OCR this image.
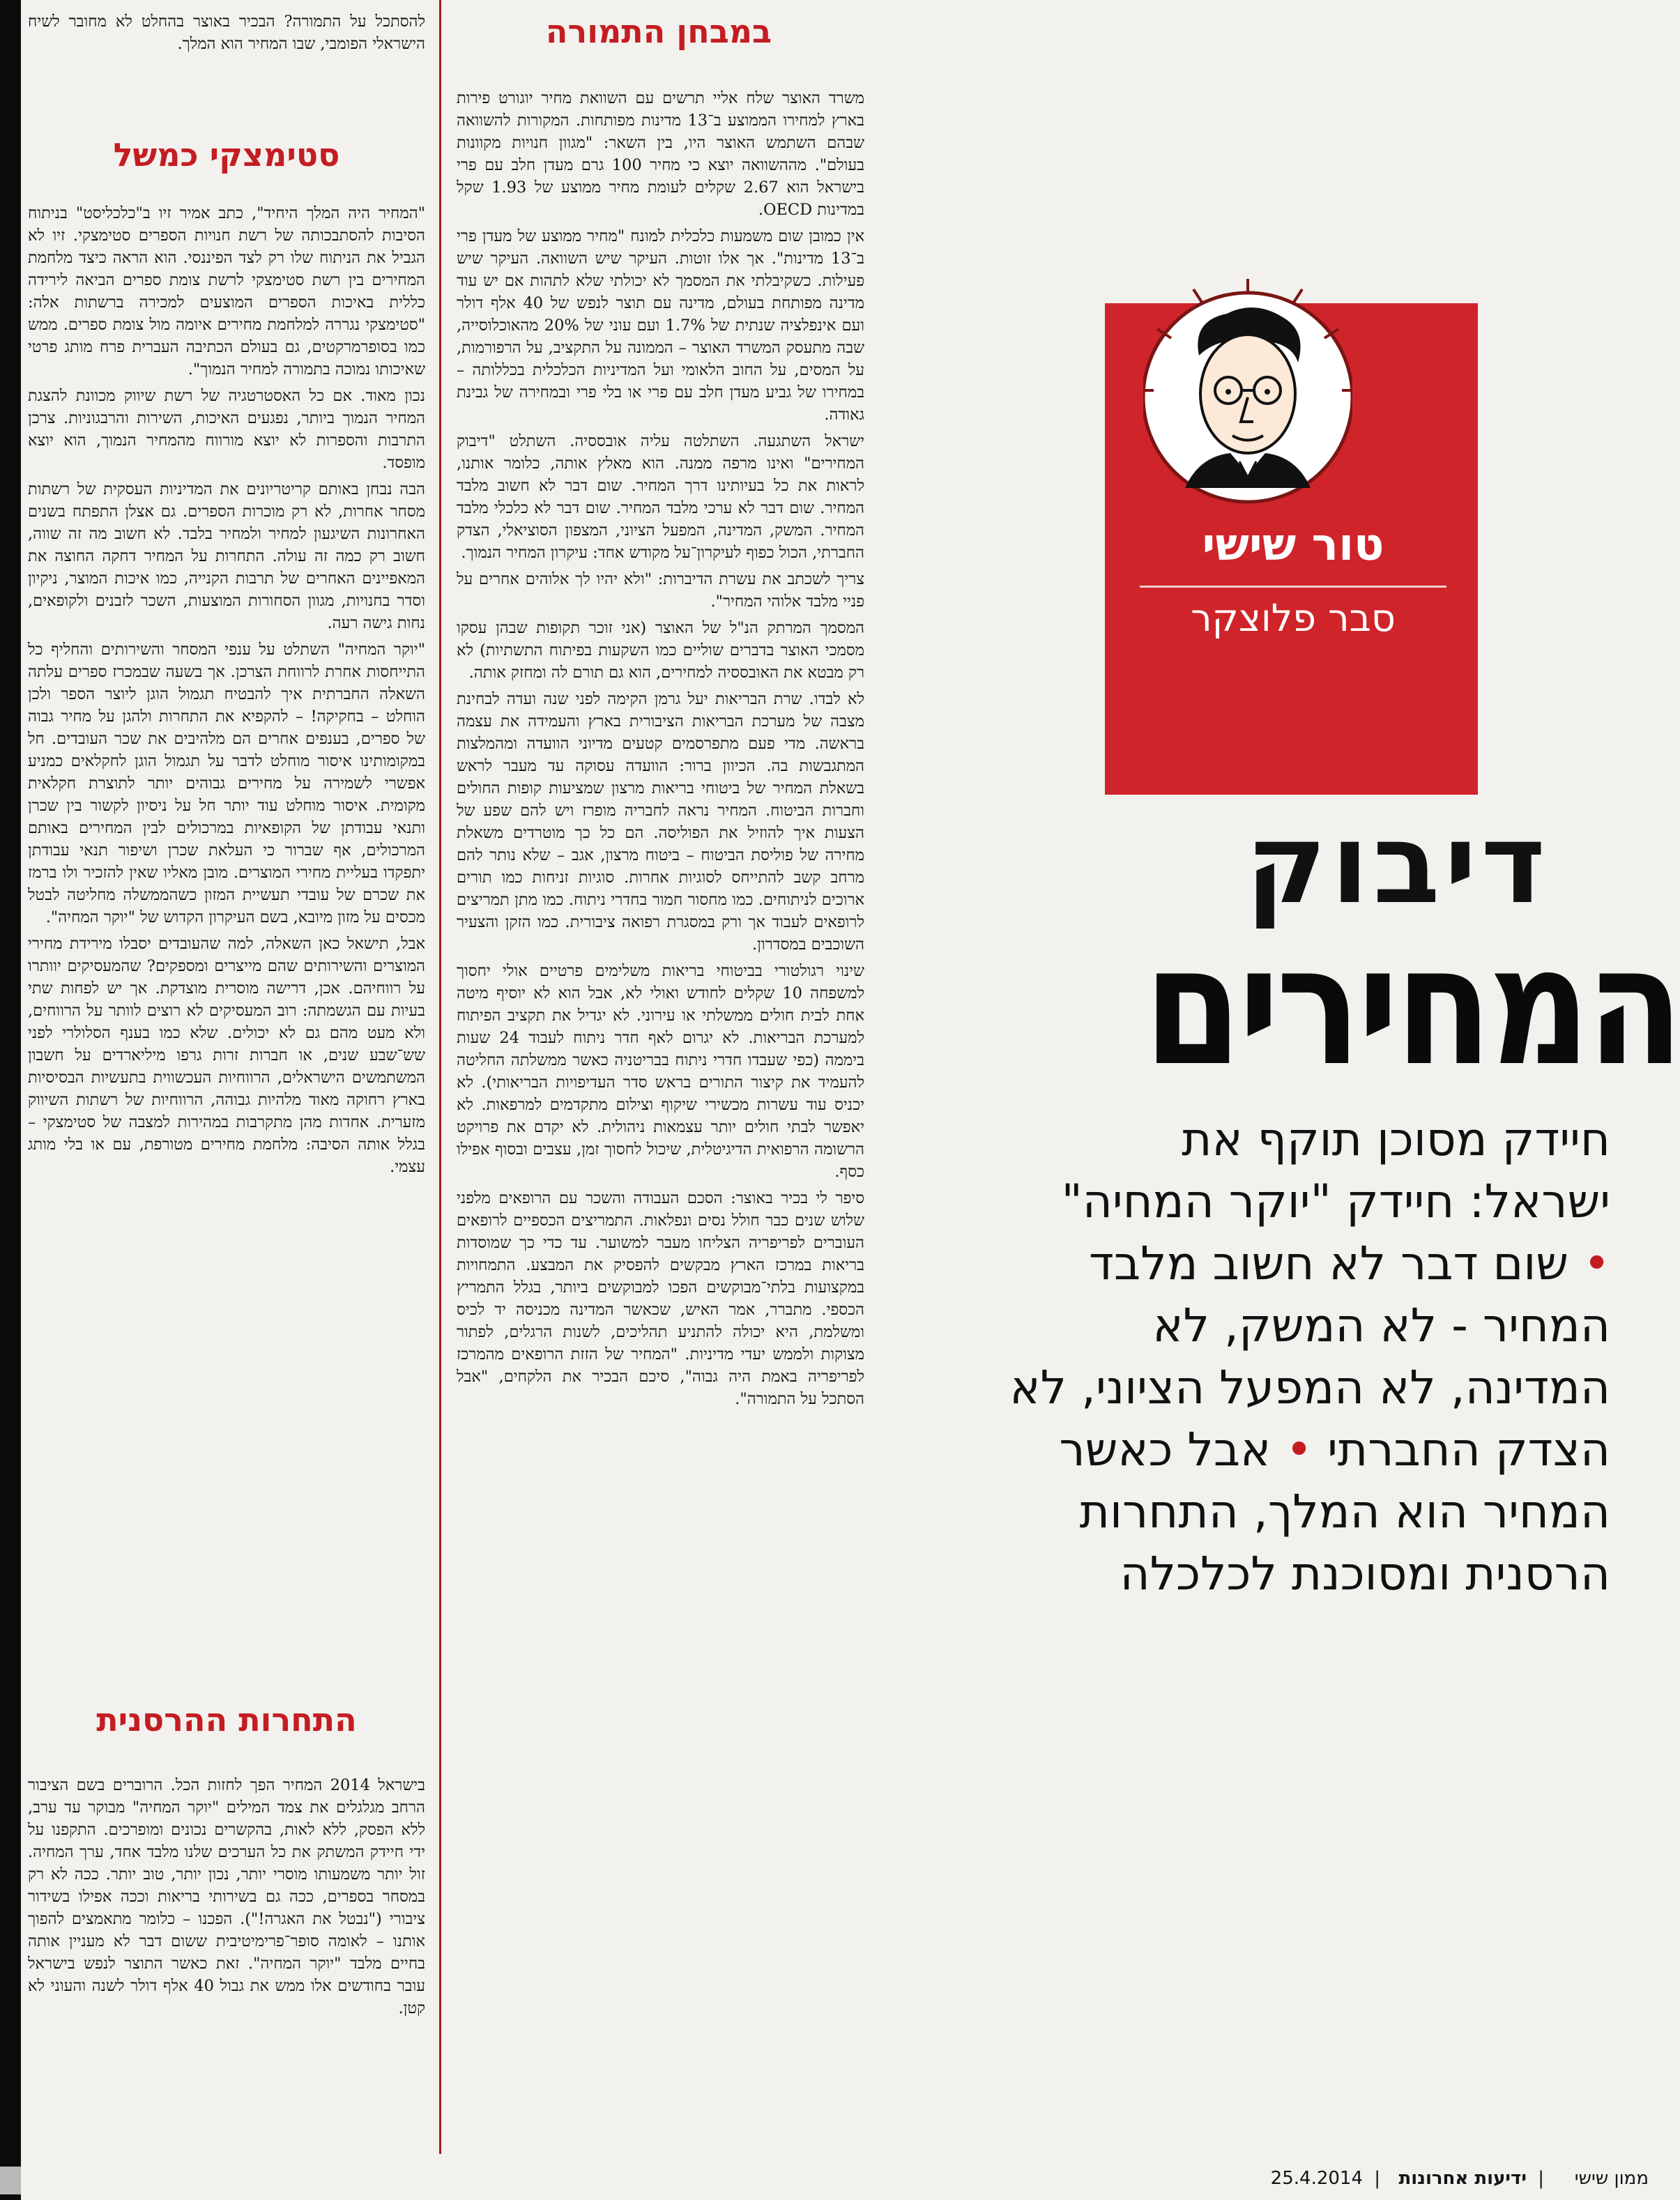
להסתכל על התמורה? הבכיר באוצר בהחלט לא מחובר לשיח הישראלי הפומבי, שבו המחיר הוא המלך.

סטימצקי כמשל

"המחיר היה המלך היחיד", כתב אמיר זיו ב"כלכליסט" בניתוח הסיבות להסתבכותה של רשת חנויות הספרים סטימצקי. זיו לא הגביל את הניתוח שלו רק לצד הפיננסי. הוא הראה כיצד מלחמת המחירים בין רשת סטימצקי לרשת צומת ספרים הביאה לירידה כללית באיכות הספרים המוצעים למכירה ברשתות אלה: "סטימצקי נגררה למלחמת מחירים איומה מול צומת ספרים. ממש כמו בסופרמרקטים, גם בעולם הכתיבה העברית פרח מותג פרטי שאיכותו נמוכה בתמורה למחיר הנמוך".

נכון מאוד. אם כל האסטרטגיה של רשת שיווק מכוונת להצגת המחיר הנמוך ביותר, נפגעים האיכות, השירות והרבגוניות. צרכן התרבות והספרות לא יוצא מורווח מהמחיר הנמוך, הוא יוצא מופסד.

הבה נבחן באותם קריטריונים את המדיניות העסקית של רשתות מסחר אחרות, לא רק מוכרות הספרים. גם אצלן התפתח בשנים האחרונות השיגעון למחיר ולמחיר בלבד. לא חשוב מה זה שווה, חשוב רק כמה זה עולה. התחרות על המחיר דחקה החוצה את המאפיינים האחרים של תרבות הקנייה, כמו איכות המוצר, ניקיון וסדר בחנויות, מגוון הסחורות המוצעות, השכר לזבנים ולקופאים, נחות גישה רעה.

"יוקר המחיה" השתלט על ענפי המסחר והשירותים והחליף כל התייחסות אחרת לרווחת הצרכן. אך בשעה שבמכרז ספרים עלתה השאלה החברתית איך להבטיח תגמול הוגן ליוצר הספר ולכן הוחלט – בחקיקה! – להקפיא את התחרות ולהגן על מחיר גבוה של ספרים, בענפים אחרים הם מלהיבים את שכר העובדים. חל במקומותינו איסור מוחלט לדבר על תגמול הוגן לחקלאים כמניע אפשרי לשמירה על מחירים גבוהים יותר לתוצרת חקלאית מקומית. איסור מוחלט עוד יותר חל על ניסיון לקשור בין שכרן ותנאי עבודתן של הקופאיות במרכולים לבין המחירים באותם המרכולים, אף שברור כי העלאת שכרן ושיפור תנאי עבודתן יתפקדו בעליית מחירי המוצרים. מובן מאליו שאין להזכיר ולו ברמז את שכרם של עובדי תעשיית המזון כשהממשלה מחליטה לבטל מכסים על מזון מיובא, בשם העיקרון הקדוש של "יוקר המחיה".

אבל, תישאל כאן השאלה, למה שהעובדים יסבלו מירידת מחירי המוצרים והשירותים שהם מייצרים ומספקים? שהמעסיקים יוותרו על רווחיהם. אכן, דרישה מוסרית מוצדקת. אך יש לפחות שתי בעיות עם הגשמתה: רוב המעסיקים לא רוצים לוותר על הרווחים, ולא מעט מהם גם לא יכולים. שלא כמו בענף הסלולרי לפני שש־שבע שנים, או חברות זרות גרפו מיליארדים על חשבון המשתמשים הישראלים, הרווחיות העכשווית בתעשיות הבסיסיות בארץ רחוקה מאוד מלהיות גבוהה, הרווחיות של רשתות השיווק מזערית. אחדות מהן מתקרבות במהירות למצבה של סטימצקי – בגלל אותה הסיבה: מלחמת מחירים מטורפת, עם או בלי מותג עצמי.

התחרות ההרסנית

בישראל 2014 המחיר הפך לחזות הכל. הרוברים בשם הציבור הרחב מגלגלים את צמד המילים "יוקר המחיה" מבוקר עד ערב, ללא הפסק, ללא לאות, בהקשרים נכונים ומופרכים. התקפנו על ידי חיידק המשתק את כל הערכים שלנו מלבד אחד, ערך המחיה. זול יותר משמעותו מוסרי יותר, נכון יותר, טוב יותר. ככה לא רק במסחר בספרים, ככה גם בשירותי בריאות וככה אפילו בשידור ציבורי ("נבטל את האגרה!"). הפכנו – כלומר מתאמצים להפוך אותנו – לאומה סופר־פרימיטיבית ששום דבר לא מעניין אותה בחיים מלבד "יוקר המחיה". זאת כאשר התוצר לנפש בישראל עובר בחודשים אלו ממש את גבול 40 אלף דולר לשנה והעוני לא קטן.

במבחן התמורה

משרד האוצר שלח אליי תרשים עם השוואת מחיר יוגורט פירות בארץ למחירו הממוצע ב־13 מדינות מפותחות. המקורות להשוואה שבהם השתמש האוצר היו, בין השאר: "מגוון חנויות מקוונות בעולם". מההשוואה יוצא כי מחיר 100 גרם מעדן חלב עם פרי בישראל הוא 2.67 שקלים לעומת מחיר ממוצע של 1.93 שקל במדינות OECD.

אין כמובן שום משמעות כלכלית למונח "מחיר ממוצע של מעדן פרי ב־13 מדינות". אך אלו זוטות. העיקר שיש השוואה. העיקר שיש פעילות. כשקיבלתי את המסמך לא יכולתי שלא לתהות אם יש עוד מדינה מפותחת בעולם, מדינה עם תוצר לנפש של 40 אלף דולר ועם אינפלציה שנתית של 1.7% ועם עוני של 20% מהאוכלוסייה, שבה מתעסק המשרד האוצר – הממונה על התקציב, על הרפורמות, על המסים, על החוב הלאומי ועל המדיניות הכלכלית בכללותה – במחירו של גביע מעדן חלב עם פרי או בלי פרי ובמחירה של גבינת גאודה.

ישראל השתגעה. השתלטה עליה אובססיה. השתלט "דיבוק המחירים" ואינו מרפה ממנה. הוא מאלץ אותה, כלומר אותנו, לראות את כל בעיותינו דרך המחיר. שום דבר לא חשוב מלבד המחיר. שום דבר לא ערכי מלבד המחיר. שום דבר לא כלכלי מלבד המחיר. המשק, המדינה, המפעל הציוני, המצפון הסוציאלי, הצדק החברתי, הכול כפוף לעיקרון־על מקודש אחד: עיקרון המחיר הנמוך.

צריך לשכתב את עשרת הדיברות: "ולא יהיו לך אלוהים אחרים על פניי מלבד אלוהי המחיר".

המסמך המרתק הנ"ל של האוצר (אני זוכר תקופות שבהן עסקו מסמכי האוצר בדברים שוליים כמו השקעות בפיתוח התשתיות) לא רק מבטא את האובססיה למחירים, הוא גם תורם לה ומחזק אותה.

לא לבדו. שרת הבריאות יעל גרמן הקימה לפני שנה ועדה לבחינת מצבה של מערכת הבריאות הציבורית בארץ והעמידה את עצמה בראשה. מדי פעם מתפרסמים קטעים מדיוני הוועדה ומהמלצות המתגבשות בה. הכיוון ברור: הוועדה עסוקה עד מעבר לראש בשאלת המחיר של ביטוחי בריאות מרצון שמציעות קופות החולים וחברות הביטוח. המחיר נראה לחבריה מופרז ויש להם שפע של הצעות איך להוזיל את הפוליסה. הם כל כך מוטרדים משאלת מחירה של פוליסת הביטוח – ביטוח מרצון, אגב – שלא נותר להם מרחב קשב להתייחס לסוגיות אחרות. סוגיות זניחות כמו תורים ארוכים לניתוחים. כמו מחסור חמור בחדרי ניתוח. כמו מתן תמריצים לרופאים לעבוד אך ורק במסגרת רפואה ציבורית. כמו הזקן והצעיר השוכבים במסדרון.

שינוי רגולטורי בביטוחי בריאות משלימים פרטיים אולי יחסוך למשפחה 10 שקלים לחודש ואולי לא, אבל הוא לא יוסיף מיטה אחת לבית חולים ממשלתי או עירוני. לא יגדיל את תקציב הפיתוח למערכת הבריאות. לא יגרום לאף חדר ניתוח לעבוד 24 שעות ביממה (כפי שעבדו חדרי ניתוח בבריטניה כאשר ממשלתה החליטה להעמיד את קיצור התורים בראש סדר העדיפויות הבריאותי). לא יכניס עוד עשרות מכשירי שיקוף וצילום מתקדמים למרפאות. לא יאפשר לבתי חולים יותר עצמאות ניהולית. לא יקדם את פרויקט הרשומה הרפואית הדיגיטלית, שיכול לחסוך זמן, עצבים ובסוף אפילו כסף.

סיפר לי בכיר באוצר: הסכם העבודה והשכר עם הרופאים מלפני שלוש שנים כבר חולל נסים ונפלאות. התמריצים הכספיים לרופאים העוברים לפריפריה הצליחו מעבר למשוער. עד כדי כך שמוסדות בריאות במרכז הארץ מבקשים להפסיק את המבצע. התמחויות במקצועות בלתי־מבוקשים הפכו למבוקשים ביותר, בגלל התמריץ הכספי. מתברר, אמר האיש, שכאשר המדינה מכניסה יד לכיס ומשלמת, היא יכולה להתניע תהליכים, לשנות הרגלים, לפתור מצוקות ולממש יעדי מדיניות. "המחיר של הזזת הרופאים מהמרכז לפריפריה באמת היה גבוה", סיכם הבכיר את הלקחים, "אבל הסתכל על התמורה".

טור שישי
סבר פלוצקר
דיבוק
המחירים
חיידק מסוכן תוקף את
ישראל: חיידק "יוקר המחיה"
• שום דבר לא חשוב מלבד
המחיר - לא המשק, לא
המדינה, לא המפעל הציוני, לא
הצדק החברתי • אבל כאשר
המחיר הוא המלך, התחרות
הרסנית ומסוכנת לכלכלה
ממון שישי
|
ידיעות אחרונות
|
25.4.2014
